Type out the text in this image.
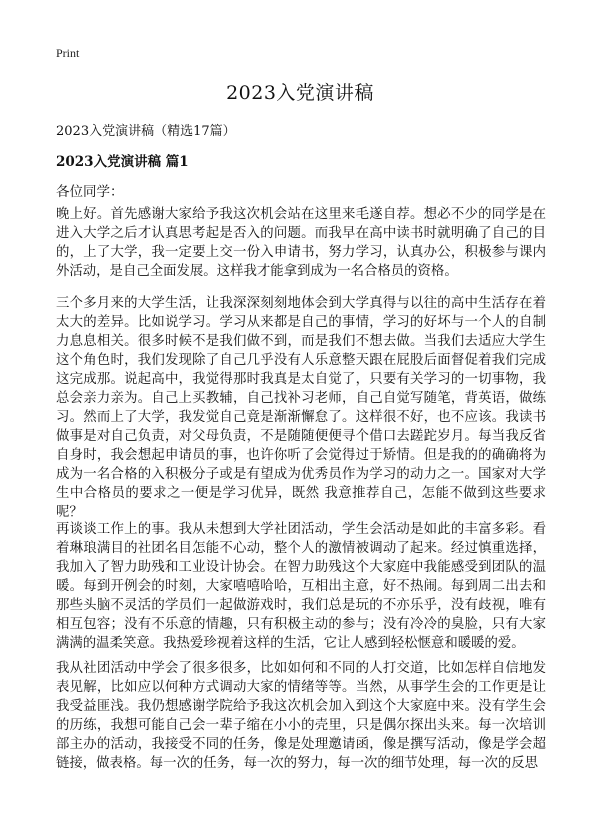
Print
2023入党演讲稿

2023入党演讲稿（精选17篇）

2023入党演讲稿 篇1

各位同学：

晚上好。首先感谢大家给予我这次机会站在这里来毛遂自荐。想必不少的同学是在进入大学之后才认真思考起是否入的问题。而我早在高中读书时就明确了自己的目的，上了大学，我一定要上交一份入申请书，努力学习，认真办公，积极参与课内外活动，是自己全面发展。这样我才能拿到成为一名合格员的资格。

三个多月来的大学生活，让我深深刻刻地体会到大学真得与以往的高中生活存在着太大的差异。比如说学习。学习从来都是自己的事情，学习的好坏与一个人的自制力息息相关。很多时候不是我们做不到，而是我们不想去做。当我们去适应大学生这个角色时，我们发现除了自己几乎没有人乐意整天跟在屁股后面督促着我们完成这完成那。说起高中，我觉得那时我真是太自觉了，只要有关学习的一切事物，我总会亲力亲为。自己上买教辅，自己找补习老师，自己自觉写随笔，背英语，做练习。然而上了大学，我发觉自己竟是渐渐懈怠了。这样很不好，也不应该。我读书做事是对自己负责，对父母负责，不是随随便便寻个借口去蹉跎岁月。每当我反省自身时，我会想起申请员的事，也许你听了会觉得过于矫情。但是我的的确确将为成为一名合格的入积极分子或是有望成为优秀员作为学习的动力之一。国家对大学生中合格员的要求之一便是学习优异，既然 我意推荐自己，怎能不做到这些要求呢？

再谈谈工作上的事。我从未想到大学社团活动，学生会活动是如此的丰富多彩。看着琳琅满目的社团名目怎能不心动，整个人的激情被调动了起来。经过慎重选择，我加入了智力助残和工业设计协会。在智力助残这个大家庭中我能感受到团队的温暖。每到开例会的时刻，大家嘻嘻哈哈，互相出主意，好不热闹。每到周二出去和那些头脑不灵活的学员们一起做游戏时，我们总是玩的不亦乐乎，没有歧视，唯有相互包容；没有不乐意的情趣，只有积极主动的参与；没有冷冷的臭脸，只有大家满满的温柔笑意。我热爱珍视着这样的生活，它让人感到轻松惬意和暖暖的爱。

我从社团活动中学会了很多很多，比如如何和不同的人打交道，比如怎样自信地发表见解，比如应以何种方式调动大家的情绪等等。当然，从事学生会的工作更是让我受益匪浅。我仍想感谢学院给予我这次机会加入到这个大家庭中来。没有学生会的历练，我想可能自己会一辈子缩在小小的壳里，只是偶尔探出头来。每一次培训部主办的活动，我接受不同的任务，像是处理邀请函，像是撰写活动，像是学会超链接，做表格。每一次的任务，每一次的努力，每一次的细节处理，每一次的反思
